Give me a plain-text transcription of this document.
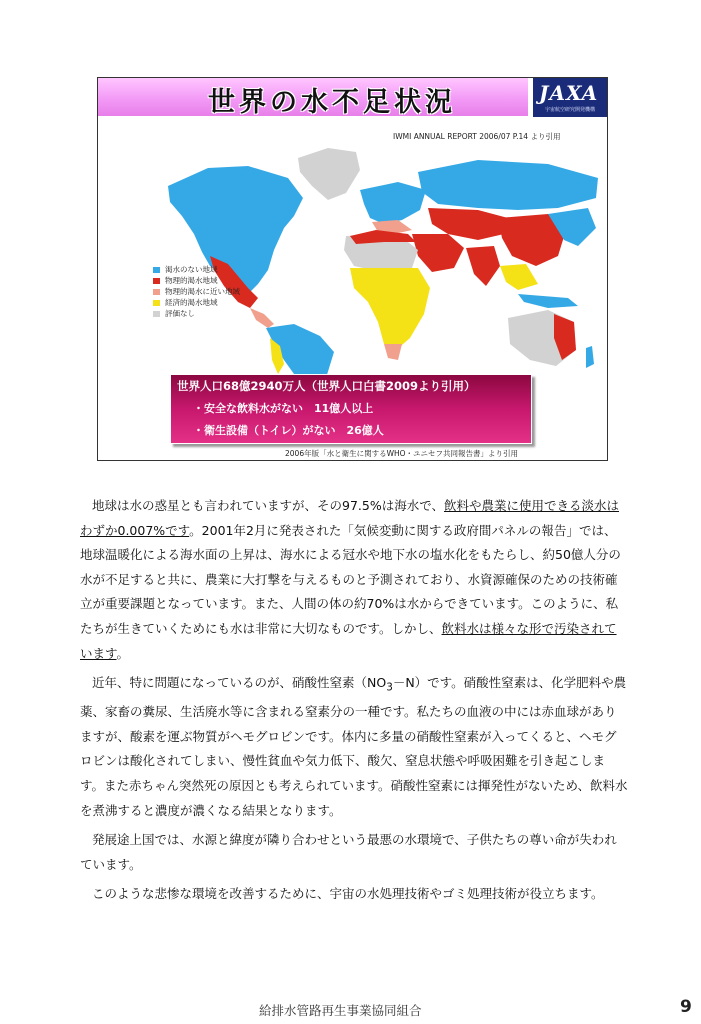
世界の水不足状況	JAXA
宇宙航空研究開発機構
IWMI ANNUAL REPORT 2006/07 P.14 より引用
渇水のない地域
物理的渇水地域
物理的渇水に近い地域
経済的渇水地域
評価なし
世界人口68億2940万人（世界人口白書2009より引用）
・安全な飲料水がない　11億人以上
・衛生設備（トイレ）がない　26億人
2006年版「水と衛生に関するWHO・ユニセフ共同報告書」より引用

地球は水の惑星とも言われていますが、その97.5%は海水で、飲料や農業に使用できる淡水はわずか0.007%です。2001年2月に発表された「気候変動に関する政府間パネルの報告」では、地球温暖化による海水面の上昇は、海水による冠水や地下水の塩水化をもたらし、約50億人分の水が不足すると共に、農業に大打撃を与えるものと予測されており、水資源確保のための技術確立が重要課題となっています。また、人間の体の約70%は水からできています。このように、私たちが生きていくためにも水は非常に大切なものです。しかし、飲料水は様々な形で汚染されています。

近年、特に問題になっているのが、硝酸性窒素$(NO_3-N)$です。硝酸性窒素は、化学肥料や農薬、家畜の糞尿、生活廃水等に含まれる窒素分の一種です。私たちの血液の中には赤血球がありますが、酸素を運ぶ物質がヘモグロビンです。体内に多量の硝酸性窒素が入ってくると、ヘモグロビンは酸化されてしまい、慢性貧血や気力低下、酸欠、窒息状態や呼吸困難を引き起こします。また赤ちゃん突然死の原因とも考えられています。硝酸性窒素には揮発性がないため、飲料水を煮沸すると濃度が濃くなる結果となります。

発展途上国では、水源と緯度が隣り合わせという最悪の水環境で、子供たちの尊い命が失われています。

このような悲惨な環境を改善するために、宇宙の水処理技術やゴミ処理技術が役立ちます。

給排水管路再生事業協同組合	9
